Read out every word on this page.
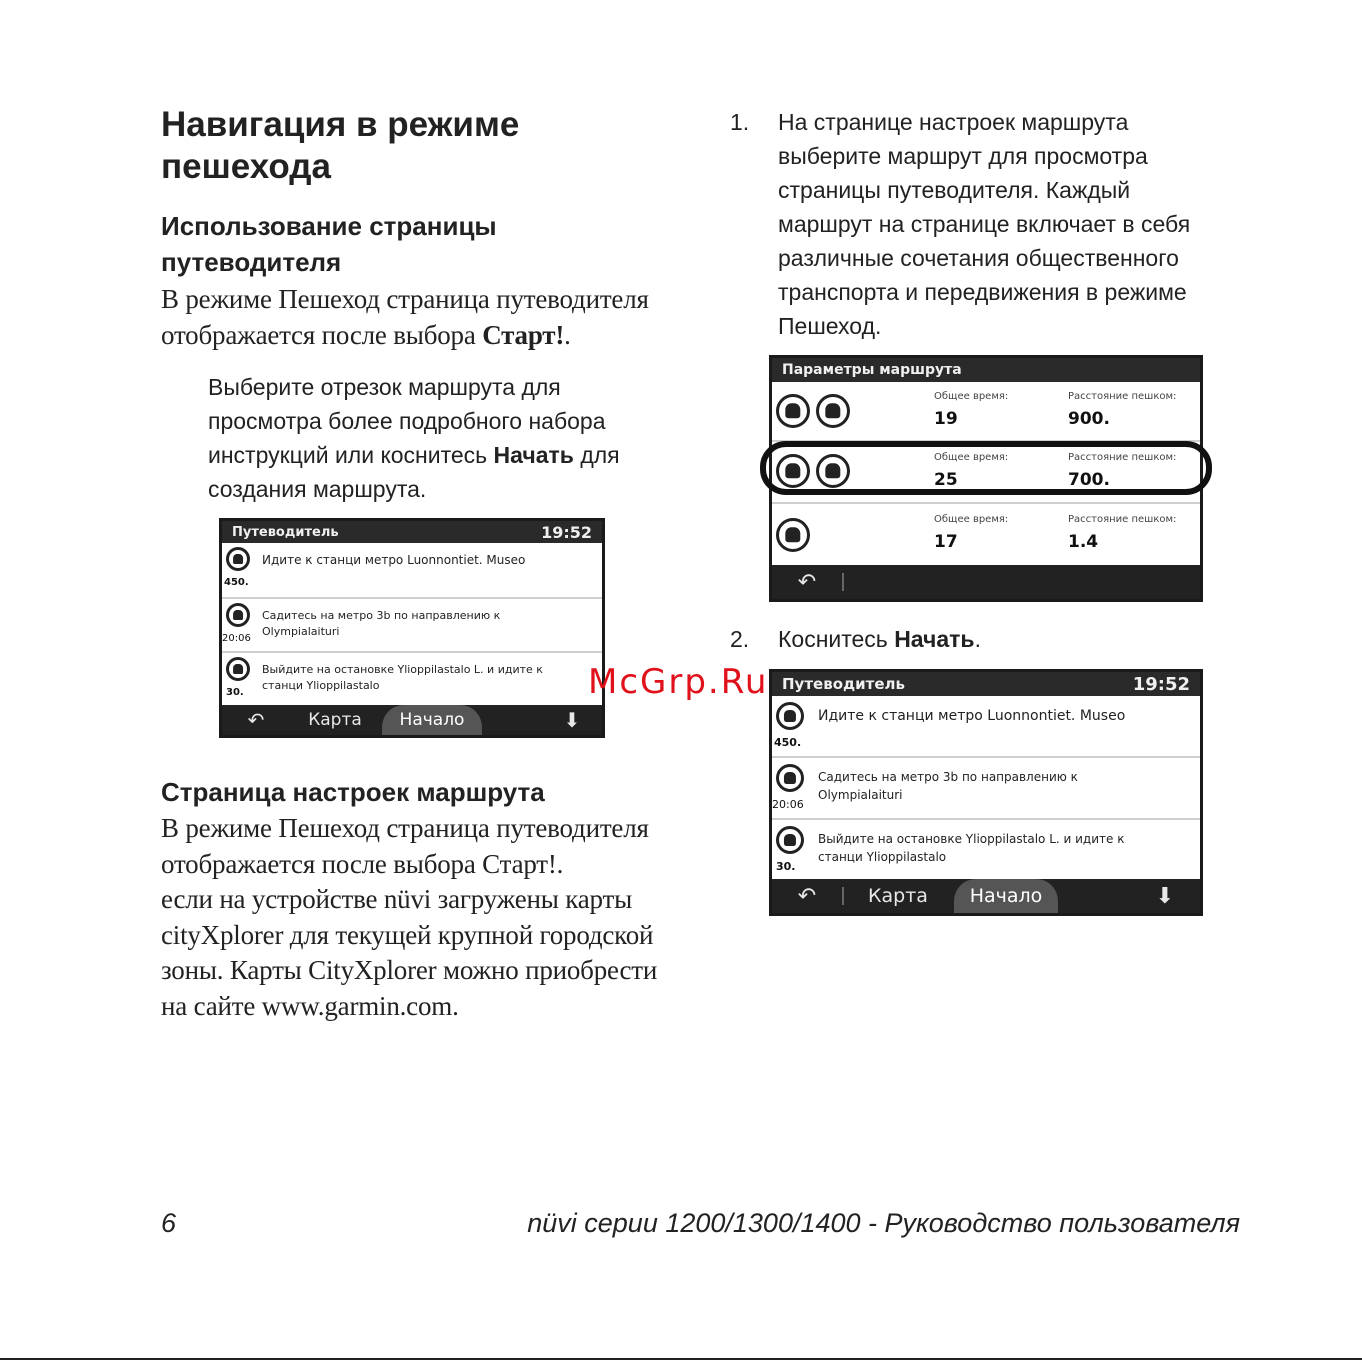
Навигация в режиме
пешехода
Использование страницы
путеводителя
В режиме Пешеход страница путеводителя
отображается после выбора Старт!.
Выберите отрезок маршрута для
просмотра более подробного набора
инструкций или коснитесь Начать для
создания маршрута.
Путеводитель	19:52
450.
Идите к станци метро Luonnontiet. Museo
20:06
Садитесь на метро 3b по направлению к
Olympialaituri
30.
Выйдите на остановке Ylioppilastalo L. и идите к
станци Ylioppilastalo
↶	Карта	Начало	⬇
Страница настроек маршрута
В режиме Пешеход страница путеводителя
отображается после выбора Старт!.
если на устройстве nüvi загружены карты
cityXplorer для текущей крупной городской
зоны. Карты CityXplorer можно приобрести
на сайте www.garmin.com.
1. На странице настроек маршрута
выберите маршрут для просмотра
страницы путеводителя. Каждый
маршрут на странице включает в себя
различные сочетания общественного
транспорта и передвижения в режиме
Пешеход.
Параметры маршрута
Общее время:
19
Расстояние пешком:
900.
Общее время:
25
Расстояние пешком:
700.
Общее время:
17
Расстояние пешком:
1.4
↶
2. Коснитесь Начать.
Путеводитель	19:52
450.
Идите к станци метро Luonnontiet. Museo
20:06
Садитесь на метро 3b по направлению к
Olympialaituri
30.
Выйдите на остановке Ylioppilastalo L. и идите к
станци Ylioppilastalo
↶	Карта	Начало	⬇
McGrp.Ru
6	nüvi серии 1200/1300/1400 - Руководство пользователя
